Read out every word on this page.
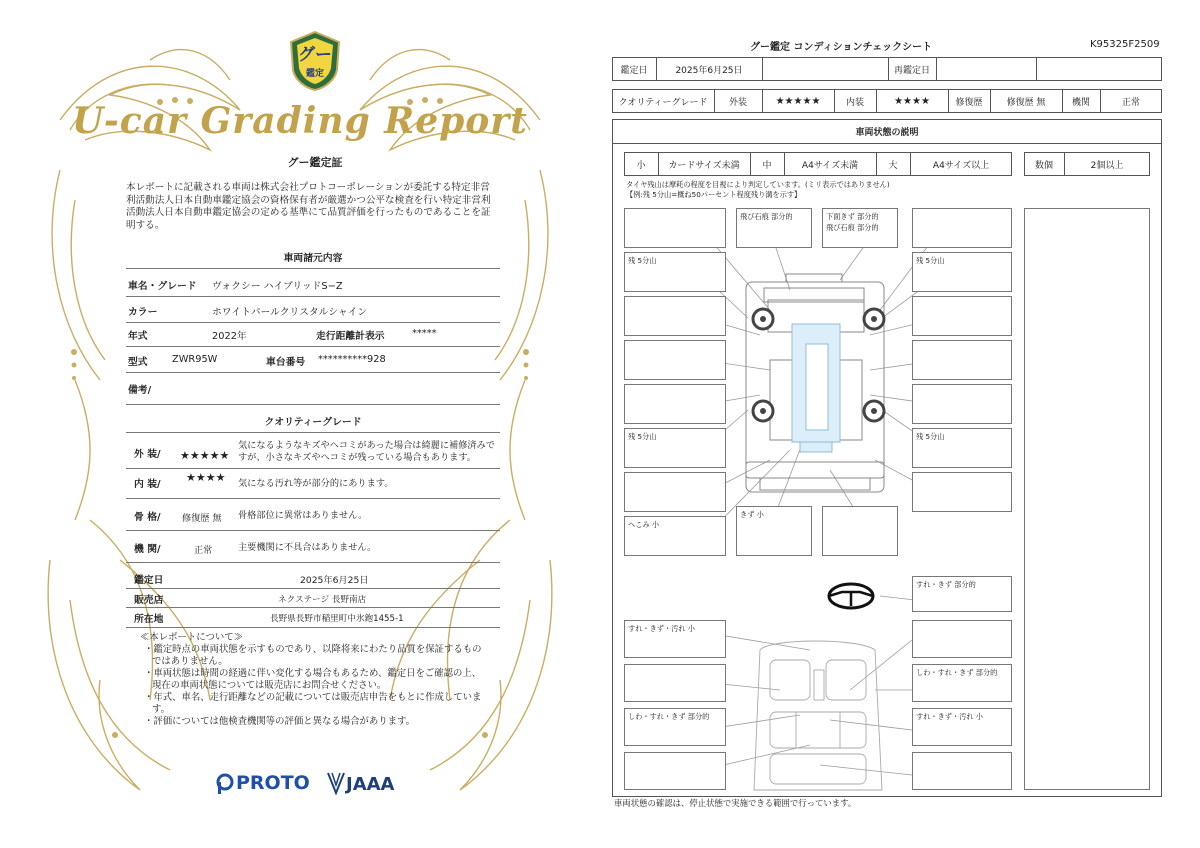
グー
鑑定
U-car Grading Report
グー鑑定証
本レポートに記載される車両は株式会社プロトコーポレーションが委託する特定非営利活動法人日本自動車鑑定協会の資格保有者が厳選かつ公平な検査を行い特定非営利活動法人日本自動車鑑定協会の定める基準にて品質評価を行ったものであることを証明する。
車両諸元内容
車名・グレード ヴォクシー ハイブリッドS−Z
カラー	ホワイトパールクリスタルシャイン
年式	2022年	走行距離計表示	*****
型式 ZWR95W	車台番号 **********928
備考/
クオリティーグレード
外 装/ ★★★★★
気になるようなキズやヘコミがあった場合は綺麗に補修済みですが、小さなキズやヘコミが残っている場合もあります。
内 装/
★★★★ 気になる汚れ等が部分的にあります。
骨 格/ 修復歴 無 骨格部位に異常はありません。
機 関/	正常	主要機関に不具合はありません。
鑑定日	2025年6月25日
販売店	ネクステージ 長野南店
所在地	長野県長野市稲里町中氷鉋1455-1
≪本レポートについて≫
・鑑定時点の車両状態を示すものであり、以降将来にわたり品質を保証するものではありません。
・車両状態は時間の経過に伴い変化する場合もあるため、鑑定日をご確認の上、現在の車両状態については販売店にお問合せください。
・年式、車名、走行距離などの記載については販売店申告をもとに作成しています。
・評価については他検査機関等の評価と異なる場合があります。
PROTO JAAA
グー鑑定 コンディションチェックシート	K95325F2509
鑑定日	2025年6月25日	再鑑定日
クオリティーグレード	外装	★★★★★	内装	★★★★	修復歴	修復歴 無	機関	正常
車両状態の説明
小	カードサイズ未満	中	A4サイズ未満	大	A4サイズ以上	数個	2個以上
タイヤ残山は摩耗の程度を目視により判定しています。(ミリ表示ではありません)
【例:残 5分山=概ね50パーセント程度残り溝を示す】
残 5分山
残 5分山
へこみ 小
飛び石痕 部分的	下面きず 部分的
飛び石痕 部分的
残 5分山
残 5分山
きず 小
すれ・きず 部分的
すれ・きず・汚れ 小
しわ・すれ・きず 部分的
しわ・すれ・きず 部分的
すれ・きず・汚れ 小
車両状態の確認は、停止状態で実施できる範囲で行っています。
